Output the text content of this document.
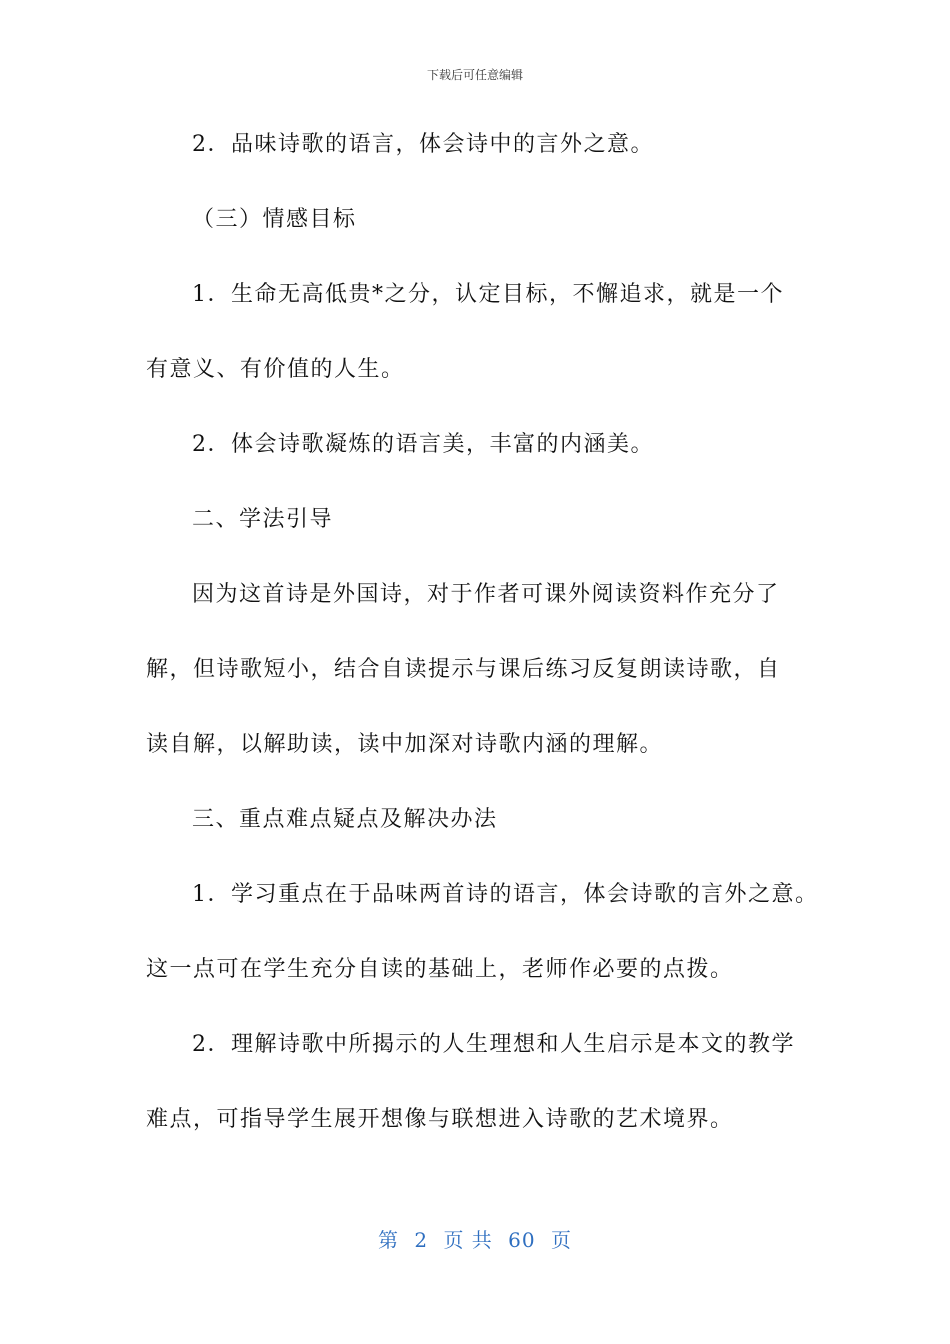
下载后可任意编辑
2．品味诗歌的语言，体会诗中的言外之意。
（三）情感目标
1．生命无高低贵*之分，认定目标，不懈追求，就是一个
有意义、有价值的人生。
2．体会诗歌凝炼的语言美，丰富的内涵美。
二、学法引导
因为这首诗是外国诗，对于作者可课外阅读资料作充分了
解，但诗歌短小，结合自读提示与课后练习反复朗读诗歌，自
读自解，以解助读，读中加深对诗歌内涵的理解。
三、重点难点疑点及解决办法
1．学习重点在于品味两首诗的语言，体会诗歌的言外之意。
这一点可在学生充分自读的基础上，老师作必要的点拨。
2．理解诗歌中所揭示的人生理想和人生启示是本文的教学
难点，可指导学生展开想像与联想进入诗歌的艺术境界。
第 2 页 共 60 页
